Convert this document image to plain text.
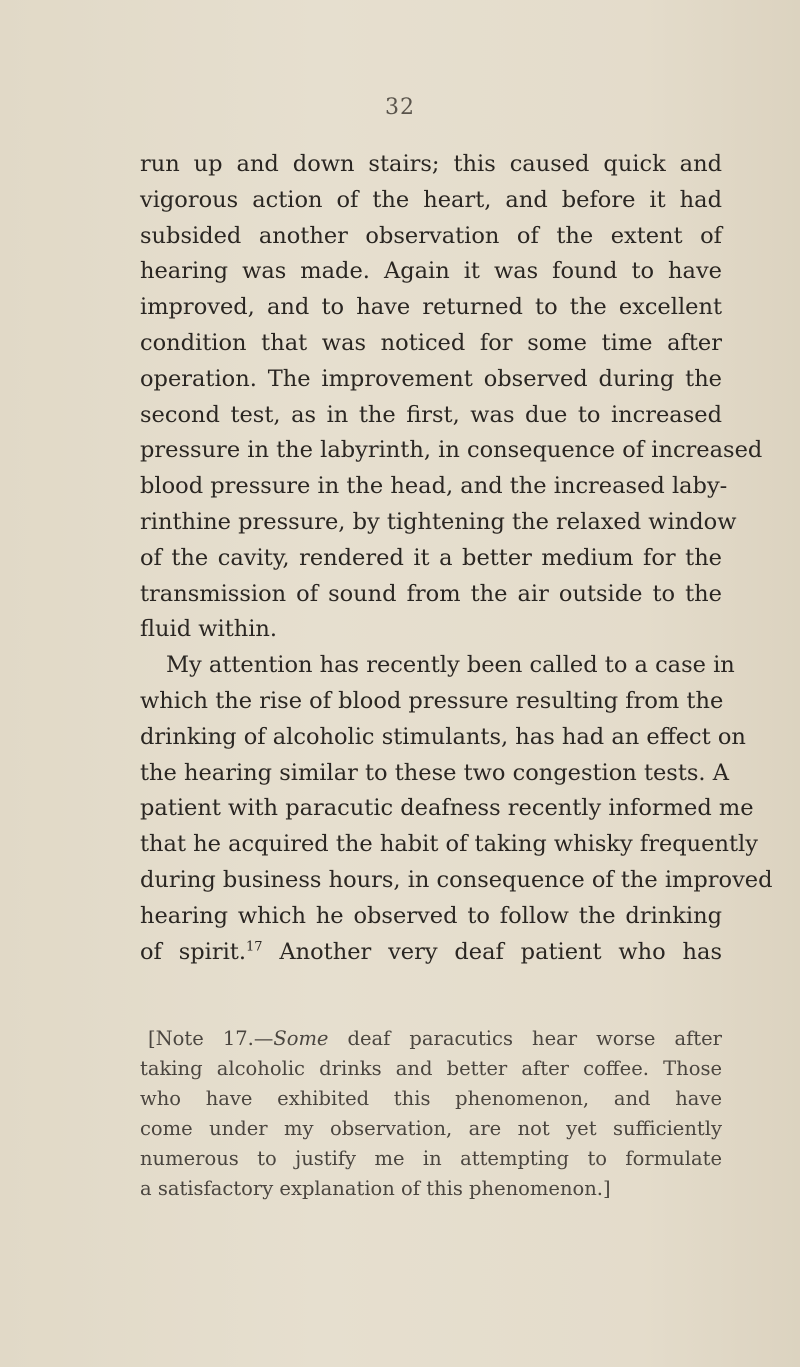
32
run up and down stairs; this caused quick and
vigorous action of the heart, and before it had
subsided another observation of the extent of
hearing was made. Again it was found to have
improved, and to have returned to the excellent
condition that was noticed for some time after
operation. The improvement observed during the
second test, as in the first, was due to increased
pressure in the labyrinth, in consequence of increased
blood pressure in the head, and the increased laby-
rinthine pressure, by tightening the relaxed window
of the cavity, rendered it a better medium for the
transmission of sound from the air outside to the
fluid within.
My attention has recently been called to a case in
which the rise of blood pressure resulting from the
drinking of alcoholic stimulants, has had an effect on
the hearing similar to these two congestion tests. A
patient with paracutic deafness recently informed me
that he acquired the habit of taking whisky frequently
during business hours, in consequence of the improved
hearing which he observed to follow the drinking
of spirit.$^{17}$ Another very deaf patient who has
[Note 17.—Some deaf paracutics hear worse after
taking alcoholic drinks and better after coffee. Those
who have exhibited this phenomenon, and have
come under my observation, are not yet sufficiently
numerous to justify me in attempting to formulate
a satisfactory explanation of this phenomenon.]
